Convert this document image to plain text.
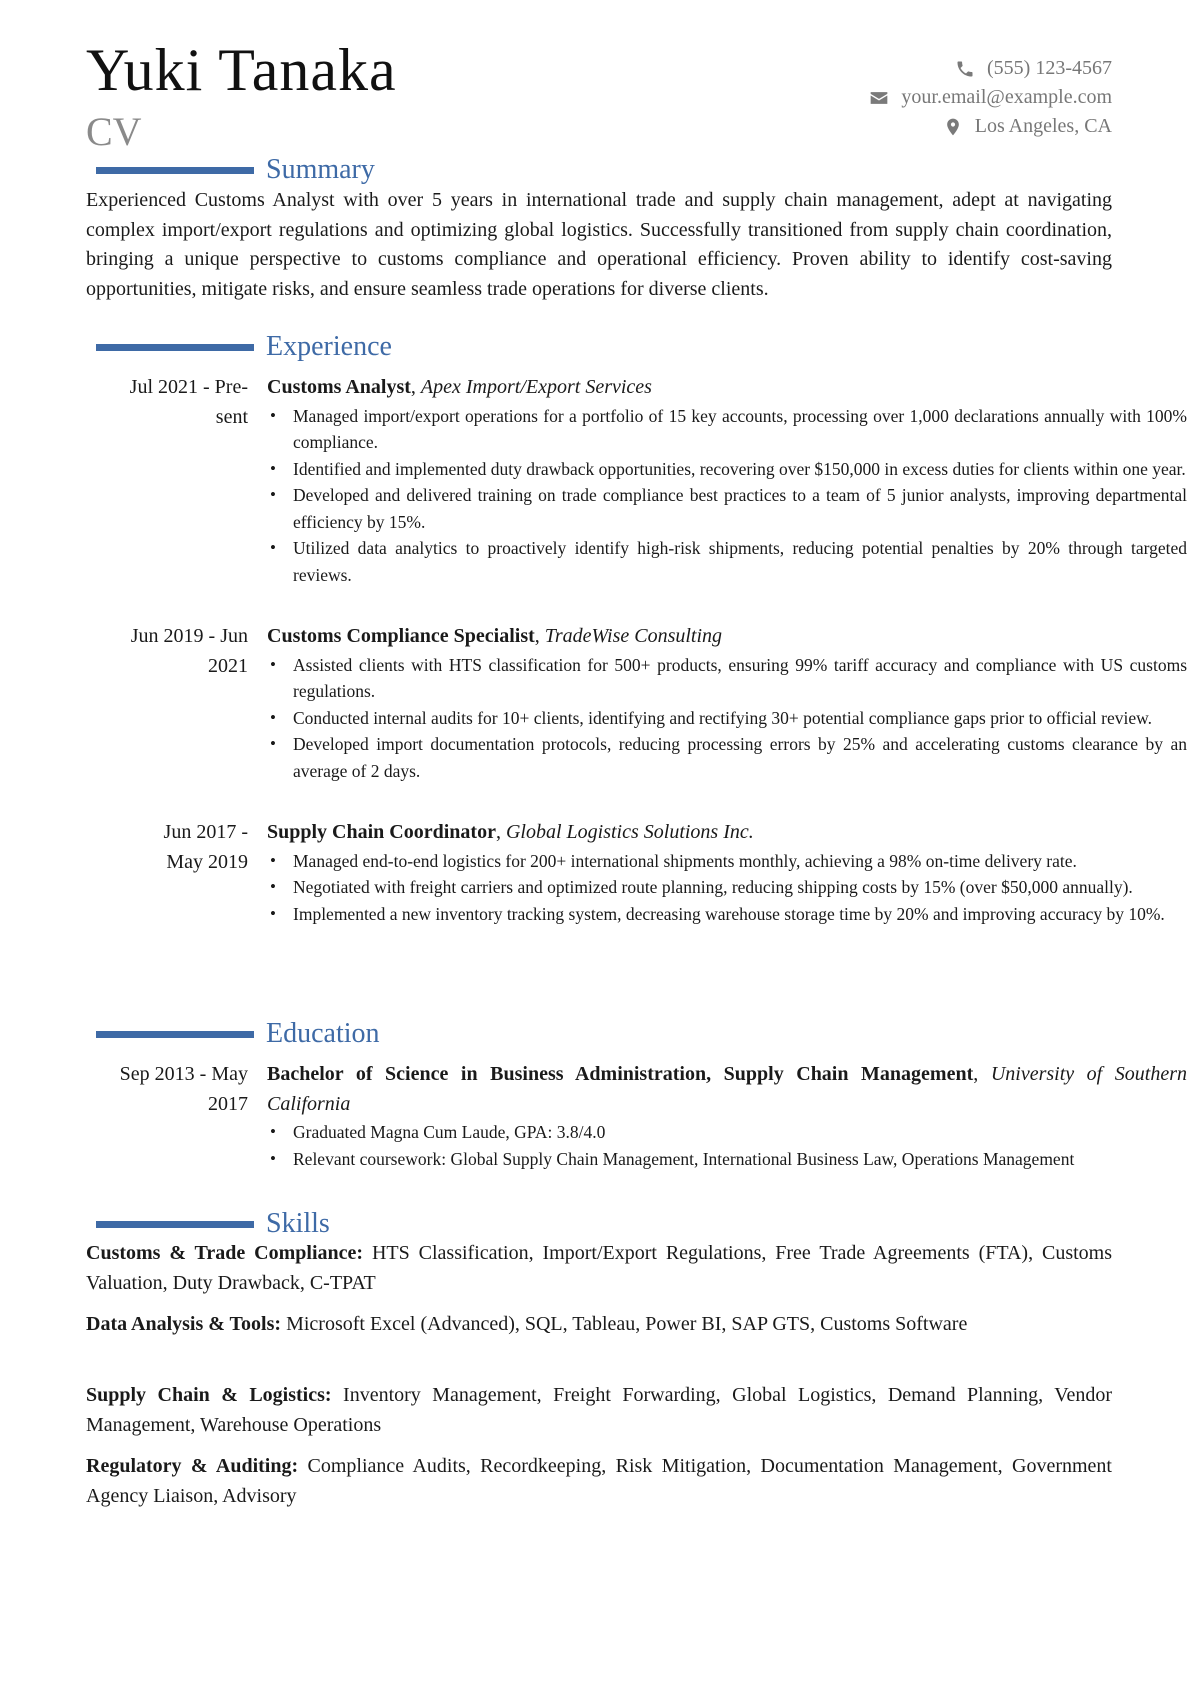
Yuki Tanaka
CV
(555) 123-4567
your.email@example.com
Los Angeles, CA
Summary
Experienced Customs Analyst with over 5 years in international trade and supply chain management, adept at navigating complex import/export regulations and optimizing global logistics. Successfully transitioned from supply chain coordination, bringing a unique perspective to customs compliance and operational efficiency. Proven ability to identify cost-saving opportunities, mitigate risks, and ensure seamless trade operations for diverse clients.
Experience
Jul 2021 - Pre-
sent
Customs Analyst, Apex Import/Export Services
• Managed import/export operations for a portfolio of 15 key accounts, processing over 1,000 declarations annually with 100% compliance.
• Identified and implemented duty drawback opportunities, recovering over $150,000 in excess duties for clients within one year.
• Developed and delivered training on trade compliance best practices to a team of 5 junior analysts, improving departmental efficiency by 15%.
• Utilized data analytics to proactively identify high-risk shipments, reducing potential penalties by 20% through targeted reviews.
Jun 2019 - Jun
2021
Customs Compliance Specialist, TradeWise Consulting
• Assisted clients with HTS classification for 500+ products, ensuring 99% tariff accuracy and compliance with US customs regulations.
• Conducted internal audits for 10+ clients, identifying and rectifying 30+ potential compliance gaps prior to official review.
• Developed import documentation protocols, reducing processing errors by 25% and accelerating customs clearance by an average of 2 days.
Jun 2017 -
May 2019
Supply Chain Coordinator, Global Logistics Solutions Inc.
• Managed end-to-end logistics for 200+ international shipments monthly, achieving a 98% on-time delivery rate.
• Negotiated with freight carriers and optimized route planning, reducing shipping costs by 15% (over $50,000 annually).
• Implemented a new inventory tracking system, decreasing warehouse storage time by 20% and improving accuracy by 10%.
Education
Sep 2013 - May
2017
Bachelor of Science in Business Administration, Supply Chain Management, University of Southern California
• Graduated Magna Cum Laude, GPA: 3.8/4.0
• Relevant coursework: Global Supply Chain Management, International Business Law, Operations Management
Skills
Customs & Trade Compliance: HTS Classification, Import/Export Regulations, Free Trade Agreements (FTA), Customs Valuation, Duty Drawback, C-TPAT
Data Analysis & Tools: Microsoft Excel (Advanced), SQL, Tableau, Power BI, SAP GTS, Customs Software
Supply Chain & Logistics: Inventory Management, Freight Forwarding, Global Logistics, Demand Planning, Vendor Management, Warehouse Operations
Regulatory & Auditing: Compliance Audits, Recordkeeping, Risk Mitigation, Documentation Management, Government Agency Liaison, Advisory
